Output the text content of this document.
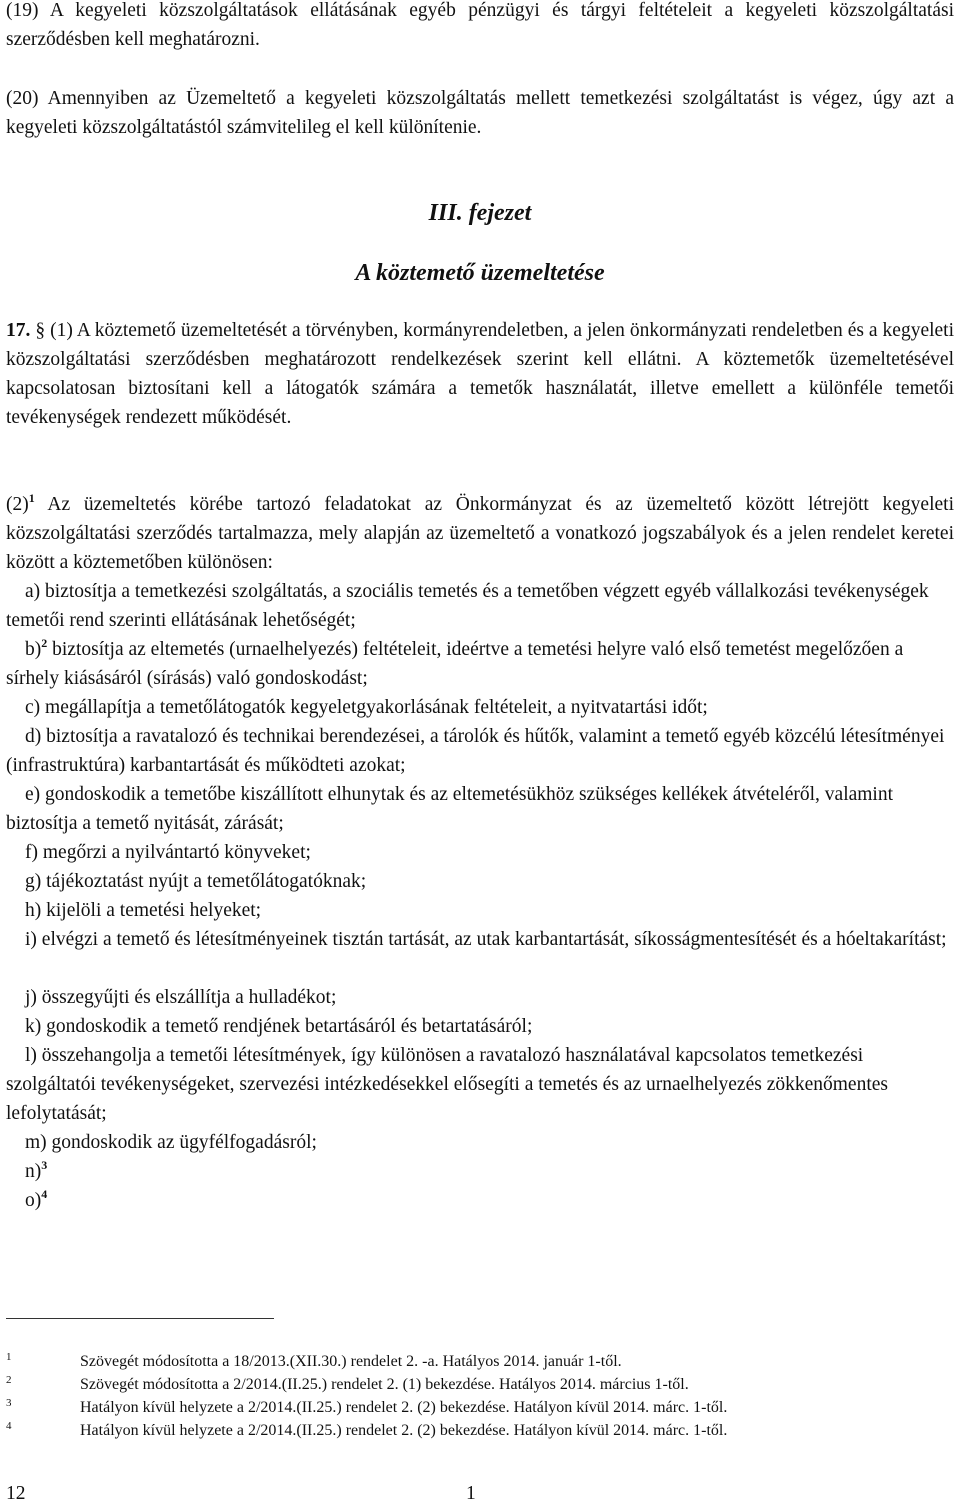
(19) A kegyeleti közszolgáltatások ellátásának egyéb pénzügyi és tárgyi feltételeit a kegyeleti közszolgáltatási szerződésben kell meghatározni.

(20) Amennyiben az Üzemeltető a kegyeleti közszolgáltatás mellett temetkezési szolgáltatást is végez, úgy azt a kegyeleti közszolgáltatástól számvitelileg el kell különítenie.

III. fejezet
A köztemető üzemeltetése

17. § (1) A köztemető üzemeltetését a törvényben, kormányrendeletben, a jelen önkormányzati rendeletben és a kegyeleti közszolgáltatási szerződésben meghatározott rendelkezések szerint kell ellátni. A köztemetők üzemeltetésével kapcsolatosan biztosítani kell a látogatók számára a temetők használatát, illetve emellett a különféle temetői tevékenységek rendezett működését.

$(2)^1$ Az üzemeltetés körébe tartozó feladatokat az Önkormányzat és az üzemeltető között létrejött kegyeleti közszolgáltatási szerződés tartalmazza, mely alapján az üzemeltető a vonatkozó jogszabályok és a jelen rendelet keretei között a köztemetőben különösen:

a) biztosítja a temetkezési szolgáltatás, a szociális temetés és a temetőben végzett egyéb vállalkozási tevékenységek temetői rend szerinti ellátásának lehetőségét;
b)$^2$ biztosítja az eltemetés (urnaelhelyezés) feltételeit, ideértve a temetési helyre való első temetést megelőzően a sírhely kiásásáról (sírásás) való gondoskodást;
c) megállapítja a temetőlátogatók kegyeletgyakorlásának feltételeit, a nyitvatartási időt;
d) biztosítja a ravatalozó és technikai berendezései, a tárolók és hűtők, valamint a temető egyéb közcélú létesítményei (infrastruktúra) karbantartását és működteti azokat;
e) gondoskodik a temetőbe kiszállított elhunytak és az eltemetésükhöz szükséges kellékek átvételéről, valamint biztosítja a temető nyitását, zárását;
f) megőrzi a nyilvántartó könyveket;
g) tájékoztatást nyújt a temetőlátogatóknak;
h) kijelöli a temetési helyeket;
i) elvégzi a temető és létesítményeinek tisztán tartását, az utak karbantartását, síkosságmentesítését és a hóeltakarítást;
j) összegyűjti és elszállítja a hulladékot;
k) gondoskodik a temető rendjének betartásáról és betartatásáról;
l) összehangolja a temetői létesítmények, így különösen a ravatalozó használatával kapcsolatos temetkezési szolgáltatói tevékenységeket, szervezési intézkedésekkel elősegíti a temetés és az urnaelhelyezés zökkenőmentes lefolytatását;
m) gondoskodik az ügyfélfogadásról;
n)$^3$
o)$^4$
1	Szövegét módosította a 18/2013.(XII.30.) rendelet 2. -a. Hatályos 2014. január 1-től.
2	Szövegét módosította a 2/2014.(II.25.) rendelet 2. (1) bekezdése. Hatályos 2014. március 1-től.
3	Hatályon kívül helyzete a 2/2014.(II.25.) rendelet 2. (2) bekezdése. Hatályon kívül 2014. márc. 1-től.
4	Hatályon kívül helyzete a 2/2014.(II.25.) rendelet 2. (2) bekezdése. Hatályon kívül 2014. márc. 1-től.
12	1
